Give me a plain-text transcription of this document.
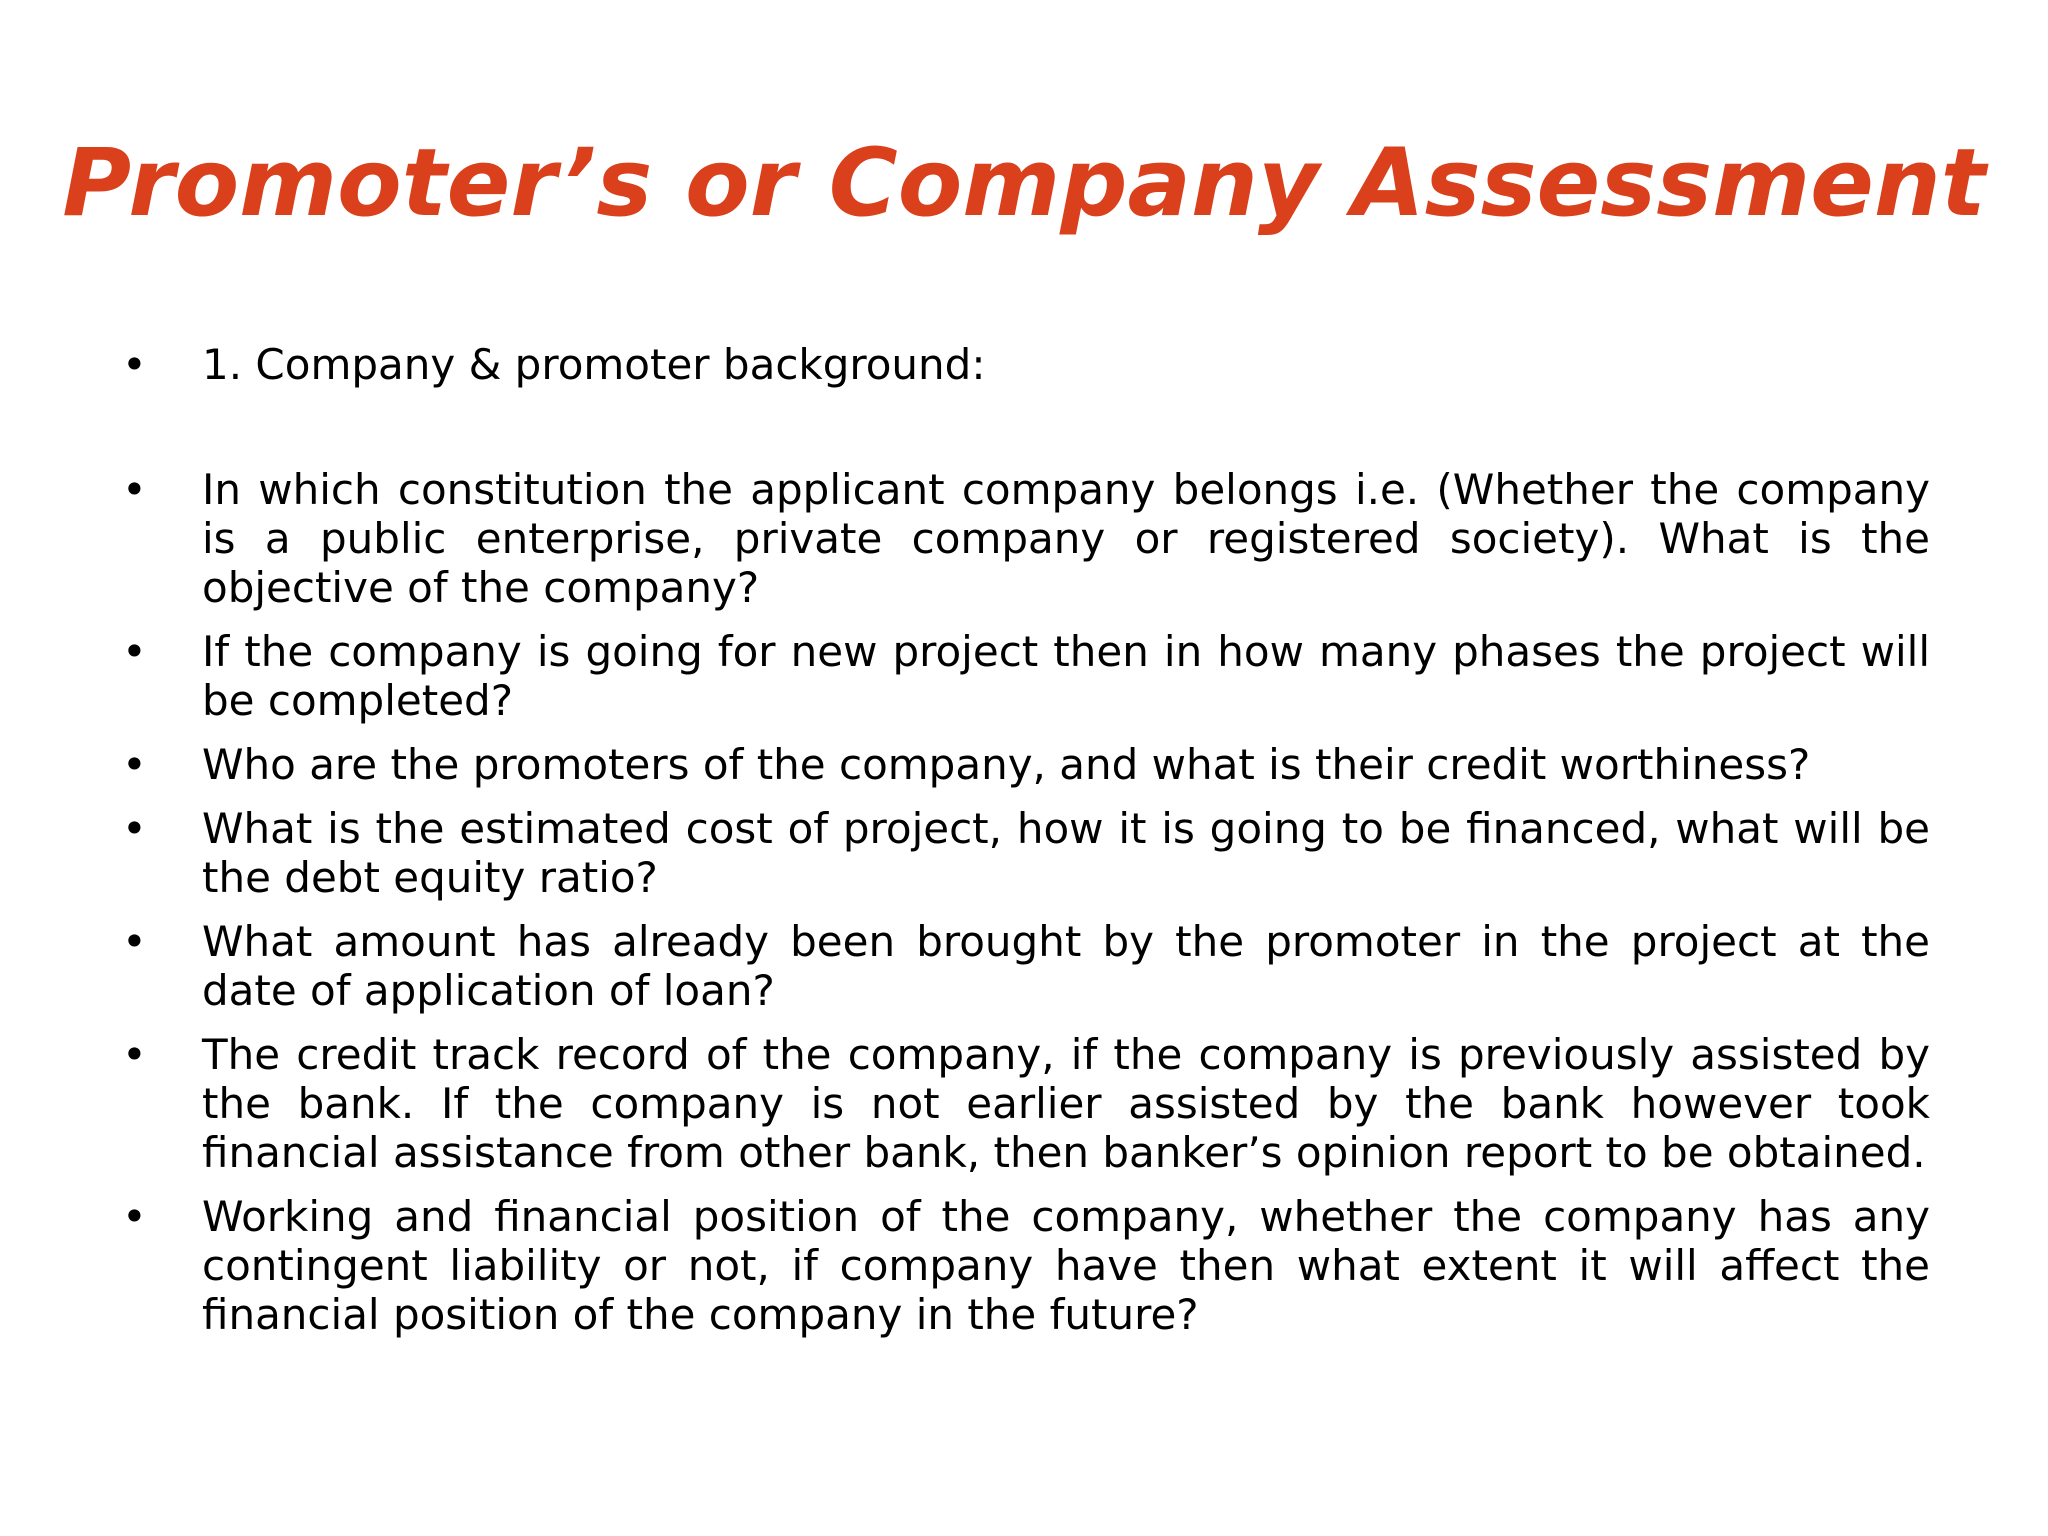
Promoter’s or Company Assessment
•	1. Company & promoter background:
•	In which constitution the applicant company belongs i.e. (Whether the company is a public enterprise, private company or registered society). What is the objective of the company?
•	If the company is going for new project then in how many phases the project will be completed?
•	Who are the promoters of the company, and what is their credit worthiness?
•	What is the estimated cost of project, how it is going to be financed, what will be the debt equity ratio?
•	What amount has already been brought by the promoter in the project at the date of application of loan?
•	The credit track record of the company, if the company is previously assisted by the bank. If the company is not earlier assisted by the bank however took financial assistance from other bank, then banker’s opinion report to be obtained.
•	Working and financial position of the company, whether the company has any contingent liability or not, if company have then what extent it will affect the financial position of the company in the future?
